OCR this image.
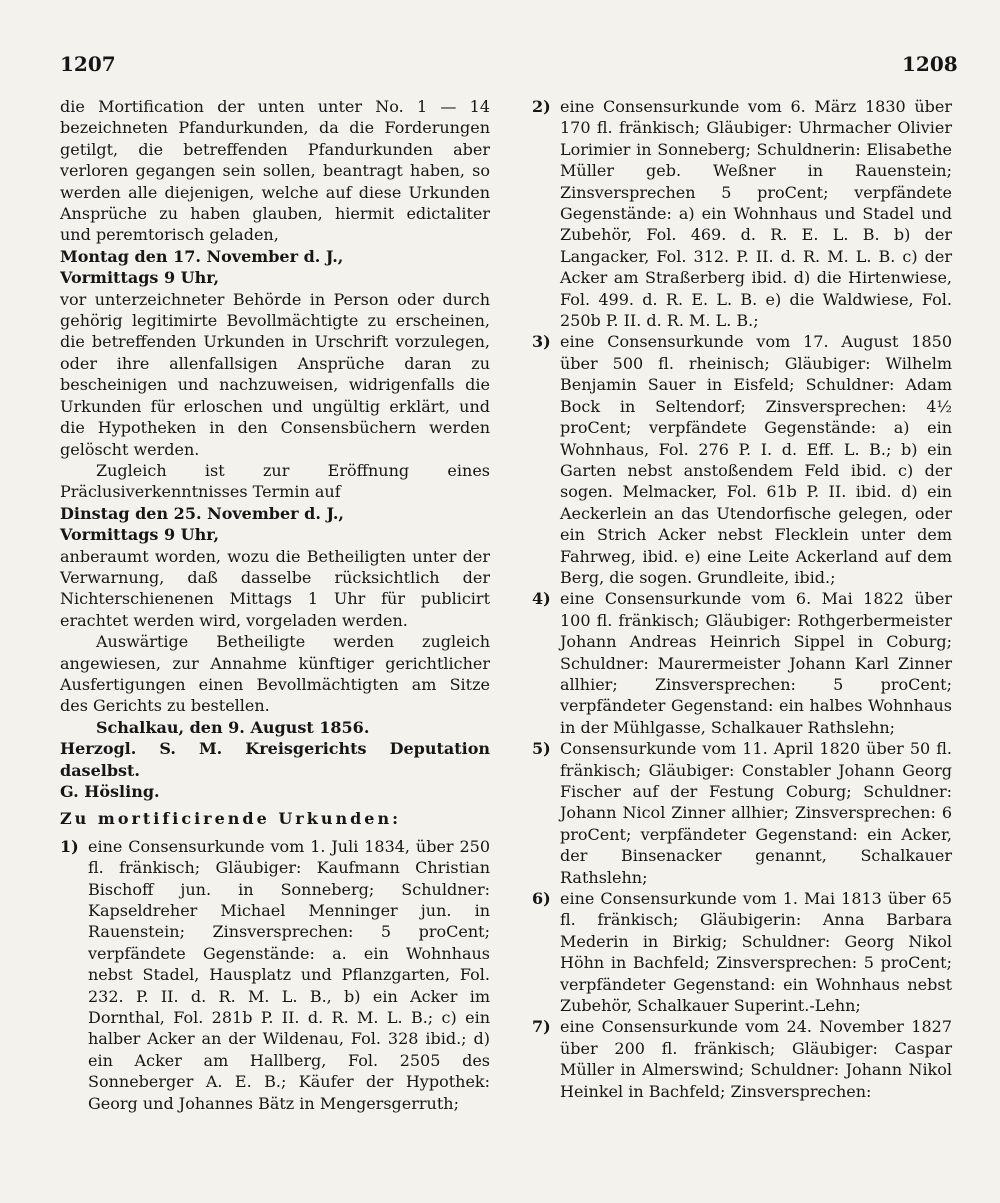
1207	1208

die Mortification der unten unter No. 1 — 14 bezeichneten Pfandurkunden, da die Forderungen getilgt, die betreffenden Pfandurkunden aber verloren gegangen sein sollen, beantragt haben, so werden alle diejenigen, welche auf diese Urkunden Ansprüche zu haben glauben, hiermit edictaliter und peremtorisch geladen,

Montag den 17. November d. J.,

Vormittags 9 Uhr,

vor unterzeichneter Behörde in Person oder durch gehörig legitimirte Bevollmächtigte zu erscheinen, die betreffenden Urkunden in Urschrift vorzulegen, oder ihre allenfallsigen Ansprüche daran zu bescheinigen und nachzuweisen, widrigenfalls die Urkunden für erloschen und ungültig erklärt, und die Hypotheken in den Consensbüchern werden gelöscht werden.

Zugleich ist zur Eröffnung eines Präclusiverkenntnisses Termin auf

Dinstag den 25. November d. J.,

Vormittags 9 Uhr,

anberaumt worden, wozu die Betheiligten unter der Verwarnung, daß dasselbe rücksichtlich der Nichterschienenen Mittags 1 Uhr für publicirt erachtet werden wird, vorgeladen werden.

Auswärtige Betheiligte werden zugleich angewiesen, zur Annahme künftiger gerichtlicher Ausfertigungen einen Bevollmächtigten am Sitze des Gerichts zu bestellen.

Schalkau, den 9. August 1856.

Herzogl. S. M. Kreisgerichts Deputation daselbst.

G. Hösling.

Zu mortificirende Urkunden:

1) eine Consensurkunde vom 1. Juli 1834, über 250 fl. fränkisch; Gläubiger: Kaufmann Christian Bischoff jun. in Sonneberg; Schuldner: Kapseldreher Michael Menninger jun. in Rauenstein; Zinsversprechen: 5 proCent; verpfändete Gegenstände: a. ein Wohnhaus nebst Stadel, Hausplatz und Pflanzgarten, Fol. 232. P. II. d. R. M. L. B., b) ein Acker im Dornthal, Fol. 281b P. II. d. R. M. L. B.; c) ein halber Acker an der Wildenau, Fol. 328 ibid.; d) ein Acker am Hallberg, Fol. 2505 des Sonneberger A. E. B.; Käufer der Hypothek: Georg und Johannes Bätz in Mengersgerruth;

2) eine Consensurkunde vom 6. März 1830 über 170 fl. fränkisch; Gläubiger: Uhrmacher Olivier Lorimier in Sonneberg; Schuldnerin: Elisabethe Müller geb. Weßner in Rauenstein; Zinsversprechen 5 proCent; verpfändete Gegenstände: a) ein Wohnhaus und Stadel und Zubehör, Fol. 469. d. R. E. L. B. b) der Langacker, Fol. 312. P. II. d. R. M. L. B. c) der Acker am Straßerberg ibid. d) die Hirtenwiese, Fol. 499. d. R. E. L. B. e) die Waldwiese, Fol. 250b P. II. d. R. M. L. B.;

3) eine Consensurkunde vom 17. August 1850 über 500 fl. rheinisch; Gläubiger: Wilhelm Benjamin Sauer in Eisfeld; Schuldner: Adam Bock in Seltendorf; Zinsversprechen: 4½ proCent; verpfändete Gegenstände: a) ein Wohnhaus, Fol. 276 P. I. d. Eff. L. B.; b) ein Garten nebst anstoßendem Feld ibid. c) der sogen. Melmacker, Fol. 61b P. II. ibid. d) ein Aeckerlein an das Utendorfische gelegen, oder ein Strich Acker nebst Flecklein unter dem Fahrweg, ibid. e) eine Leite Ackerland auf dem Berg, die sogen. Grundleite, ibid.;

4) eine Consensurkunde vom 6. Mai 1822 über 100 fl. fränkisch; Gläubiger: Rothgerbermeister Johann Andreas Heinrich Sippel in Coburg; Schuldner: Maurermeister Johann Karl Zinner allhier; Zinsversprechen: 5 proCent; verpfändeter Gegenstand: ein halbes Wohnhaus in der Mühlgasse, Schalkauer Rathslehn;

5) Consensurkunde vom 11. April 1820 über 50 fl. fränkisch; Gläubiger: Constabler Johann Georg Fischer auf der Festung Coburg; Schuldner: Johann Nicol Zinner allhier; Zinsversprechen: 6 proCent; verpfändeter Gegenstand: ein Acker, der Binsenacker genannt, Schalkauer Rathslehn;

6) eine Consensurkunde vom 1. Mai 1813 über 65 fl. fränkisch; Gläubigerin: Anna Barbara Mederin in Birkig; Schuldner: Georg Nikol Höhn in Bachfeld; Zinsversprechen: 5 proCent; verpfändeter Gegenstand: ein Wohnhaus nebst Zubehör, Schalkauer Superint.-Lehn;

7) eine Consensurkunde vom 24. November 1827 über 200 fl. fränkisch; Gläubiger: Caspar Müller in Almerswind; Schuldner: Johann Nikol Heinkel in Bachfeld; Zinsversprechen:
